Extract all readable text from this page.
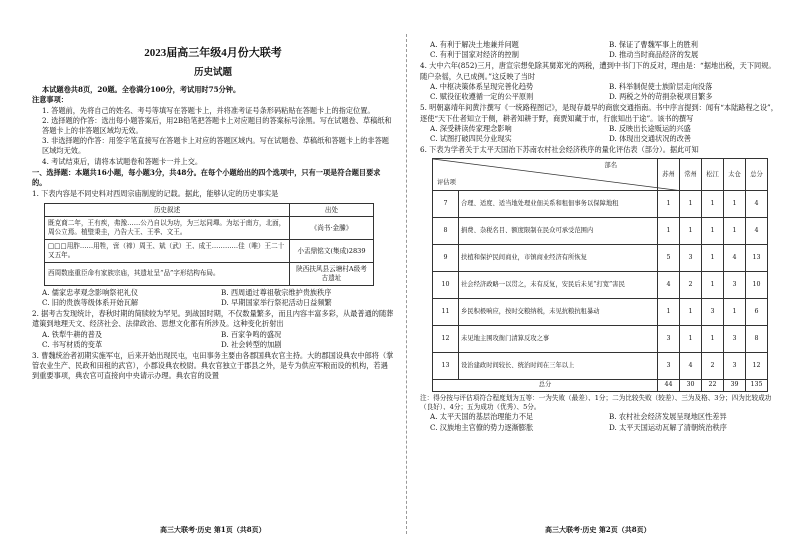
2023届高三年级4月份大联考
历史试题

本试题卷共8页，20题。全卷满分100分，考试用时75分钟。

注意事项：

1. 答题前，先将自己的姓名、考号等填写在答题卡上，并将准考证号条形码粘贴在答题卡上的指定位置。

2. 选择题的作答：选出每小题答案后，用2B铅笔把答题卡上对应题目的答案标号涂黑。写在试题卷、草稿纸和答题卡上的非答题区域均无效。

3. 非选择题的作答：用签字笔直接写在答题卡上对应的答题区域内。写在试题卷、草稿纸和答题卡上的非答题区域均无效。

4. 考试结束后，请将本试题卷和答题卡一并上交。

一、选择题：本题共16小题，每小题3分，共48分。在每个小题给出的四个选项中，只有一项是符合题目要求的。

1. 下表内容是不同史料对西周宗庙制度的记载。据此，能够认定的历史事实是

历史叙述	出处
既克商二年，王有疾，弗豫……公乃自以为功，为三坛同墠。为坛于南方，北面，周公立焉。植璧秉圭，乃告大王、王季、文王。	《尚书·金縢》
□□□用胙……用牲，啻（禘）周王、斌（武）王、成王…………佳（唯）王二十又五年。	小盂鼎铭文(集成)2839
西周数座重臣命有家族宗庙，其遗址呈“品”字形结构布局。	陕西扶风县云塘村A级考古遗址
A. 儒家忠孝观念影响祭祀礼仪	B. 西周通过尊祖敬宗维护贵族秩序
C. 旧的贵族等级体系开始瓦解	D. 早期国家举行祭祀活动日益频繁

2. 据考古发现统计，春秋时期的简牍较为罕见。到战国时期，不仅数量繁多，而且内容丰富多彩，从最普通的随葬遣策到地理天文、经济社会、法律政治、思想文化都有所涉及。这种变化折射出

A. 铁犁牛耕的普及	B. 百家争鸣的盛况
C. 书写材质的变革	D. 社会转型的加剧

3. 曹魏统治者初期实施军屯，后来开始出现民屯，屯田事务主要由各郡国典农官主持。大的郡国设典农中郎将（掌管农业生产、民政和田租的武官），小郡设典农校尉。典农官独立于郡县之外，是专为供应军粮而设的机构，若遇到重要事项，典农官可直接向中央请示办理。典农官的设置

高三大联考·历史 第1页（共8页）
A. 有利于解决土地兼并问题	B. 保证了曹魏军事上的胜利
C. 有利于国家对经济的控制	D. 推动当时商品经济的发展

4. 大中六年(852)三月，唐宣宗想免除其舅郑光的两税，遭到中书门下的反对，理由是：“据地出税，天下同规。随户杂徭，久已成例。”这反映了当时

A. 中枢决策体系呈现完善化趋势	B. 科举制促使士族阶层走向没落
C. 赋役征收遵循一定的公平原则	D. 两税之外的苛捐杂税项目繁多

5. 明朝嘉靖年间黄汴撰写《一统路程图记》，是现存最早的商旅交通指南。书中序言提到：闻有“本陆路程之设”，逐使“天下仕者知立于侧，耕者知耕于野，商贾知藏于市，行旅知出于途”。该书的撰写

A. 深受耕读传家理念影响	B. 反映出长途贩运的兴盛
C. 试图打破四民分业现实	D. 体现出交通状况的改善

6. 下表为学者关于太平天国治下苏南农村社会经济秩序的量化评估表（部分）。据此可知

部名
评估项		苏州	常州	松江	太仓	总分
7	合理、适度、适当地处理业佃关系和租佃事务以保障地租	1	1	1	1	4
8	捐费、杂税名目、额度限制在民众可承受范围内	1	1	1	1	4
9	扶植和保护民间商业，市镇商业经济有所恢复	5	3	1	4	13
10	社会经济政略一以贯之，未有反复，安民后未见“打宽”害民	4	2	1	3	10
11	乡民积极响应，按时交粮纳税，未见抗粮抗租暴动	1	1	3	1	6
12	未见地主围攻衙门清算反攻之事	3	1	1	3	8
13	设治建政时间较长、统治时间在三年以上	3	4	2	3	12
总分		44	30	22	39	135

注：得分按与评估项符合程度划为五等：一为失败（最差）、1分；二为比较失败（较差）、三为及格、3分；四为比较成功（良好）、4分；五为成功（优秀）、5分。

A. 太平天国的基层治理能力不足	B. 农村社会经济发展呈现地区性差异
C. 汉族地主官僚的势力逐渐膨胀	D. 太平天国运动瓦解了清朝统治秩序
高三大联考·历史 第2页（共8页）
